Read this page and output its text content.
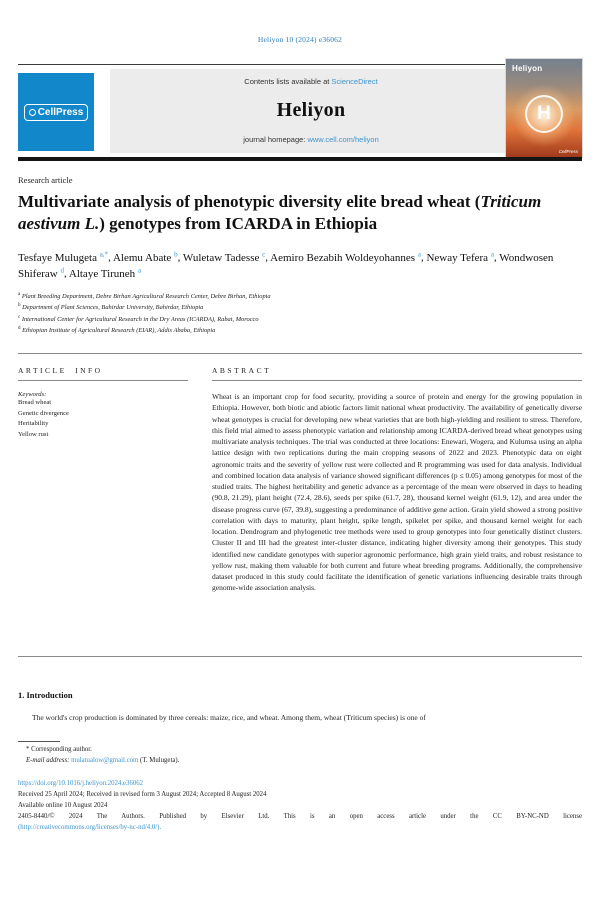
Heliyon 10 (2024) e36062
CellPress
Contents lists available at ScienceDirect
Heliyon
journal homepage: www.cell.com/heliyon
Heliyon
H
CellPress
Research article
Multivariate analysis of phenotypic diversity elite bread wheat (Triticum aestivum L.) genotypes from ICARDA in Ethiopia
Tesfaye Mulugeta $^{a,*}$, Alemu Abate $^b$, Wuletaw Tadesse $^c$, Aemiro Bezabih Woldeyohannes $^a$, Neway Tefera $^a$, Wondwosen Shiferaw $^d$, Altaye Tiruneh $^a$
$^a$ Plant Breeding Department, Debre Birhan Agricultural Research Center, Debre Birhan, Ethiopia
$^b$ Department of Plant Sciences, Bahirdar University, Bahirdar, Ethiopia
$^c$ International Center for Agricultural Research in the Dry Areas (ICARDA), Rabat, Morocco
$^d$ Ethiopian Institute of Agricultural Research (EIAR), Addis Ababa, Ethiopia
ARTICLE INFO
Keywords:
Bread wheat
Genetic divergence
Heritability
Yellow rust
ABSTRACT
Wheat is an important crop for food security, providing a source of protein and energy for the growing population in Ethiopia. However, both biotic and abiotic factors limit national wheat productivity. The availability of genetically diverse wheat genotypes is crucial for developing new wheat varieties that are both high-yielding and resilient to stress. Therefore, this field trial aimed to assess phenotypic variation and relationship among ICARDA-derived bread wheat genotypes using multivariate analysis techniques. The trial was conducted at three locations: Enewari, Wogera, and Kulumsa using an alpha lattice design with two replications during the main cropping seasons of 2022 and 2023. Phenotypic data on eight agronomic traits and the severity of yellow rust were collected and R programming was used for data analysis. Individual and combined location data analysis of variance showed significant differences (p ≤ 0.05) among genotypes for most of the studied traits. The highest heritability and genetic advance as a percentage of the mean were observed in days to heading (90.8, 21.29), plant height (72.4, 28.6), seeds per spike (61.7, 28), thousand kernel weight (61.9, 12), and area under the disease progress curve (67, 39.8), suggesting a predominance of additive gene action. Grain yield showed a strong positive correlation with days to maturity, plant height, spike length, spikelet per spike, and thousand kernel weight for each location. Dendrogram and phylogenetic tree methods were used to group genotypes into four genetically distinct clusters. Cluster II and III had the greatest inter-cluster distance, indicating higher diversity among their genotypes. This study identified new candidate genotypes with superior agronomic performance, high grain yield traits, and robust resistance to yellow rust, making them valuable for both current and future wheat breeding programs. Additionally, the comprehensive dataset produced in this study could facilitate the identification of genetic variations influencing desirable traits through genome-wide association analysis.
1. Introduction
The world's crop production is dominated by three cereals: maize, rice, and wheat. Among them, wheat (Triticum species) is one of
* Corresponding author.
E-mail address: mulatualow@gmail.com (T. Mulugeta).
https://doi.org/10.1016/j.heliyon.2024.e36062
Received 25 April 2024; Received in revised form 3 August 2024; Accepted 8 August 2024
Available online 10 August 2024
2405-8440/© 2024 The Authors. Published by Elsevier Ltd. This is an open access article under the CC BY-NC-ND license
(http://creativecommons.org/licenses/by-nc-nd/4.0/).
